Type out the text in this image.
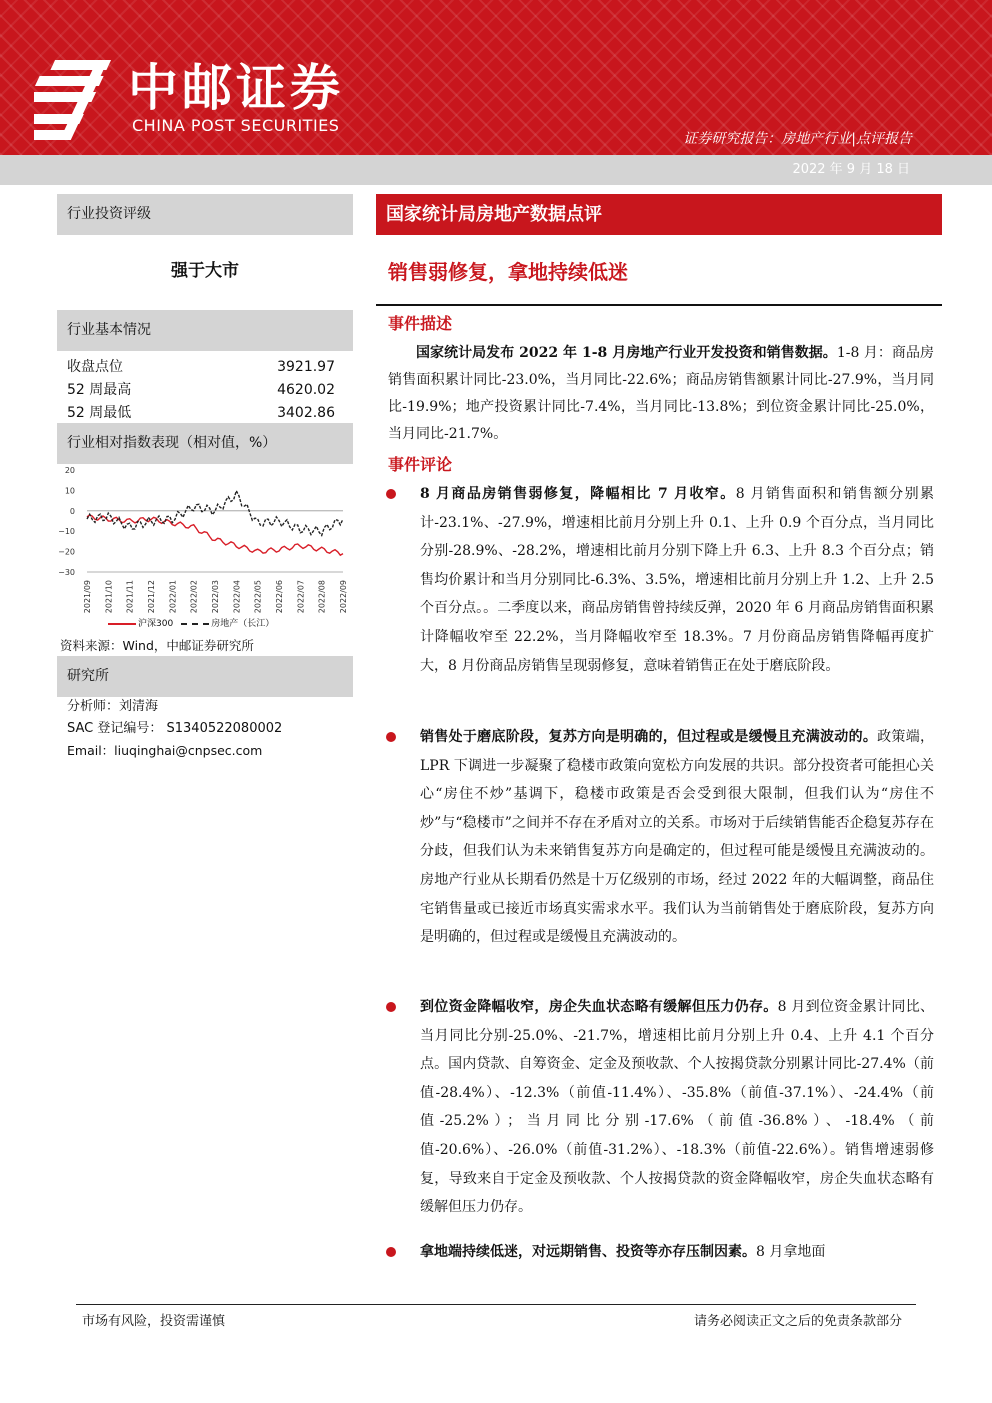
中邮证券
CHINA POST SECURITIES
证券研究报告：房地产行业|点评报告
2022 年 9 月 18 日
行业投资评级
强于大市
行业基本情况
收盘点位	3921.97
52 周最高	4620.02
52 周最低	3402.86
行业相对指数表现（相对值，%）
20
10
0
−10
−20
−30
2021/09 2021/10 2021/11 2021/12 2022/01 2022/02 2022/03 2022/04 2022/05 2022/06 2022/07 2022/08 2022/09
沪深300	房地产（长江）
资料来源：Wind，中邮证券研究所
研究所
分析师：刘清海
SAC 登记编号： S1340522080002
Email：liuqinghai@cnpsec.com
国家统计局房地产数据点评
销售弱修复，拿地持续低迷
事件描述
国家统计局发布 2022 年 1-8 月房地产行业开发投资和销售数据。1-8 月：商品房销售面积累计同比-23.0%，当月同比-22.6%；商品房销售额累计同比-27.9%，当月同比-19.9%；地产投资累计同比-7.4%，当月同比-13.8%；到位资金累计同比-25.0%，当月同比-21.7%。
事件评论
8 月商品房销售弱修复，降幅相比 7 月收窄。8 月销售面积和销售额分别累计-23.1%、-27.9%，增速相比前月分别上升 0.1、上升 0.9 个百分点，当月同比分别-28.9%、-28.2%，增速相比前月分别下降上升 6.3、上升 8.3 个百分点；销售均价累计和当月分别同比-6.3%、3.5%，增速相比前月分别上升 1.2、上升 2.5 个百分点。。二季度以来，商品房销售曾持续反弹，2020 年 6 月商品房销售面积累计降幅收窄至 22.2%，当月降幅收窄至 18.3%。7 月份商品房销售降幅再度扩大，8 月份商品房销售呈现弱修复，意味着销售正在处于磨底阶段。
销售处于磨底阶段，复苏方向是明确的，但过程或是缓慢且充满波动的。政策端，LPR 下调进一步凝聚了稳楼市政策向宽松方向发展的共识。部分投资者可能担心关心“房住不炒”基调下，稳楼市政策是否会受到很大限制，但我们认为“房住不炒”与“稳楼市”之间并不存在矛盾对立的关系。市场对于后续销售能否企稳复苏存在分歧，但我们认为未来销售复苏方向是确定的，但过程可能是缓慢且充满波动的。房地产行业从长期看仍然是十万亿级别的市场，经过 2022 年的大幅调整，商品住宅销售量或已接近市场真实需求水平。我们认为当前销售处于磨底阶段，复苏方向是明确的，但过程或是缓慢且充满波动的。
到位资金降幅收窄，房企失血状态略有缓解但压力仍存。8 月到位资金累计同比、当月同比分别-25.0%、-21.7%，增速相比前月分别上升 0.4、上升 4.1 个百分点。国内贷款、自筹资金、定金及预收款、个人按揭贷款分别累计同比-27.4%（前值-28.4%）、-12.3%（前值-11.4%）、-35.8%（前值-37.1%）、-24.4%（前值-25.2%）；当月同比分别-17.6%（前值-36.8%）、-18.4%（前值-20.6%）、-26.0%（前值-31.2%）、-18.3%（前值-22.6%）。销售增速弱修复，导致来自于定金及预收款、个人按揭贷款的资金降幅收窄，房企失血状态略有缓解但压力仍存。
拿地端持续低迷，对远期销售、投资等亦存压制因素。8 月拿地面
市场有风险，投资需谨慎	请务必阅读正文之后的免责条款部分
